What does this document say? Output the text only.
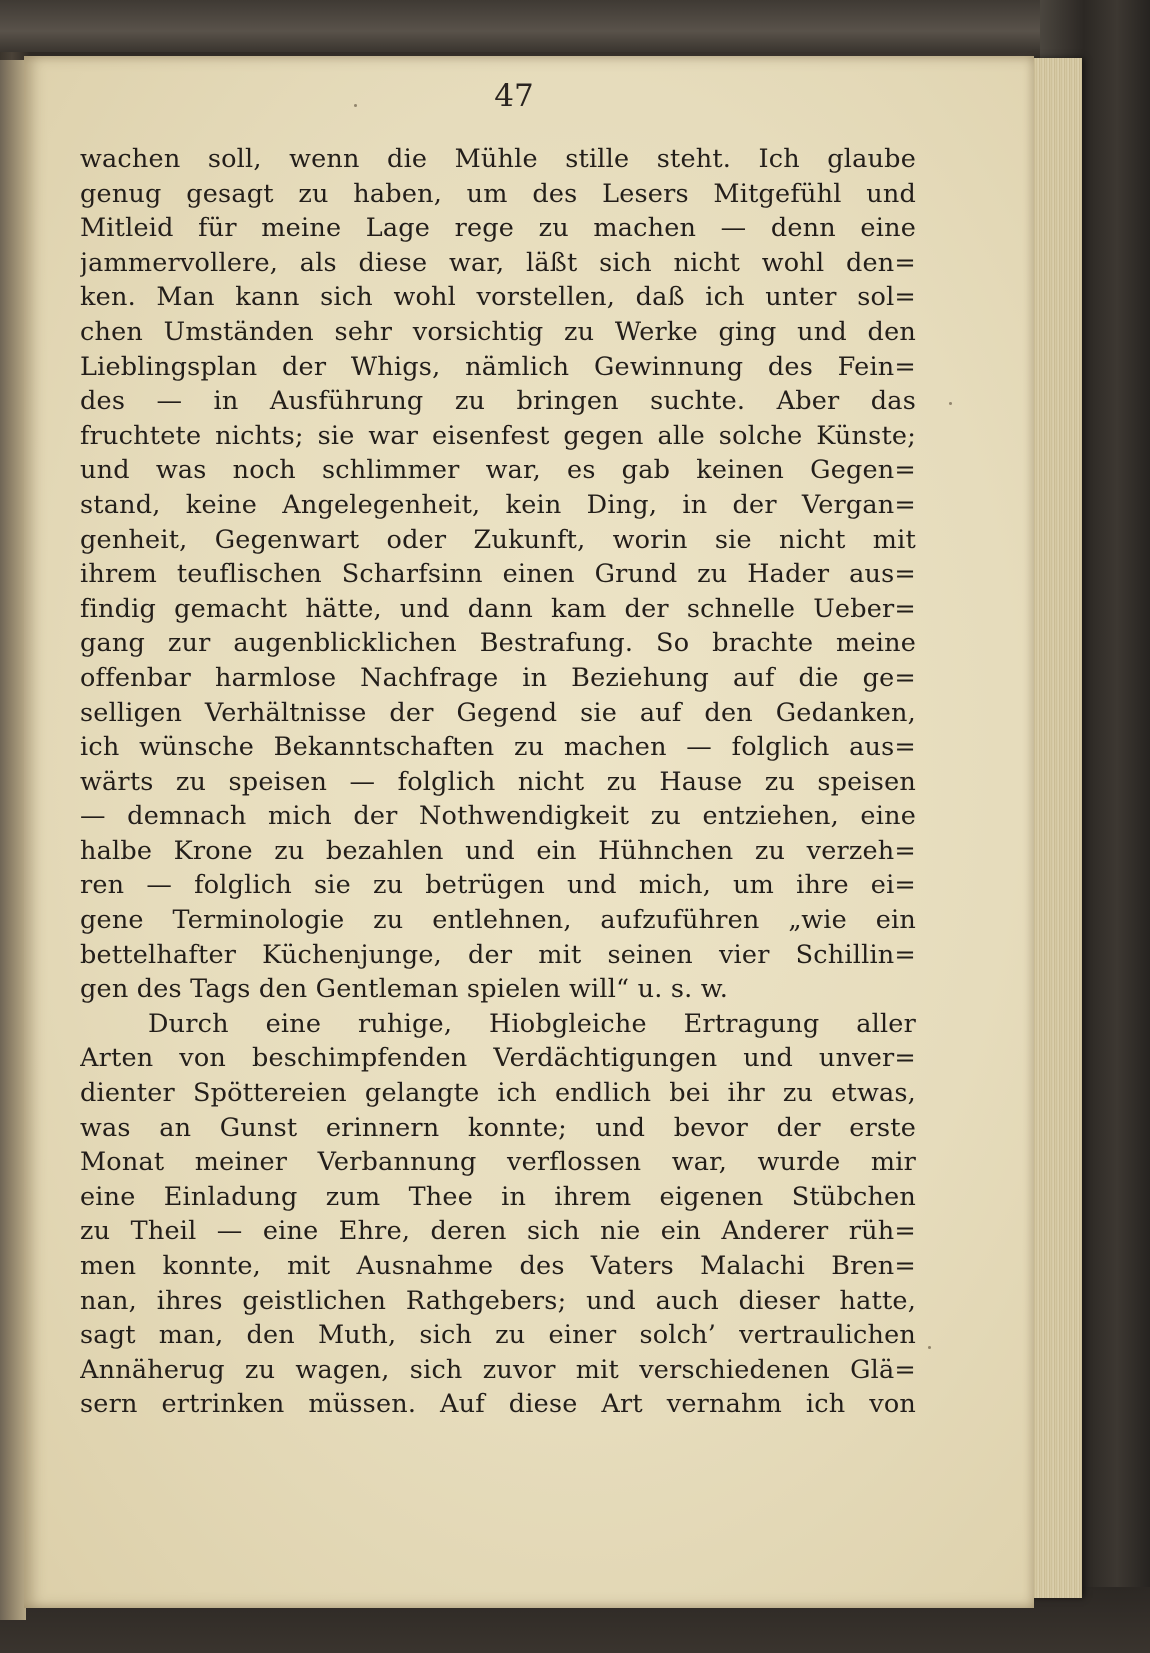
47
wachen soll, wenn die Mühle stille steht. Ich glaube
genug gesagt zu haben, um des Lesers Mitgefühl und
Mitleid für meine Lage rege zu machen — denn eine
jammervollere, als diese war, läßt sich nicht wohl den=
ken. Man kann sich wohl vorstellen, daß ich unter sol=
chen Umständen sehr vorsichtig zu Werke ging und den
Lieblingsplan der Whigs, nämlich Gewinnung des Fein=
des — in Ausführung zu bringen suchte. Aber das
fruchtete nichts; sie war eisenfest gegen alle solche Künste;
und was noch schlimmer war, es gab keinen Gegen=
stand, keine Angelegenheit, kein Ding, in der Vergan=
genheit, Gegenwart oder Zukunft, worin sie nicht mit
ihrem teuflischen Scharfsinn einen Grund zu Hader aus=
findig gemacht hätte, und dann kam der schnelle Ueber=
gang zur augenblicklichen Bestrafung. So brachte meine
offenbar harmlose Nachfrage in Beziehung auf die ge=
selligen Verhältnisse der Gegend sie auf den Gedanken,
ich wünsche Bekanntschaften zu machen — folglich aus=
wärts zu speisen — folglich nicht zu Hause zu speisen
— demnach mich der Nothwendigkeit zu entziehen, eine
halbe Krone zu bezahlen und ein Hühnchen zu verzeh=
ren — folglich sie zu betrügen und mich, um ihre ei=
gene Terminologie zu entlehnen, aufzuführen „wie ein
bettelhafter Küchenjunge, der mit seinen vier Schillin=
gen des Tags den Gentleman spielen will“ u. s. w.
Durch eine ruhige, Hiobgleiche Ertragung aller
Arten von beschimpfenden Verdächtigungen und unver=
dienter Spöttereien gelangte ich endlich bei ihr zu etwas,
was an Gunst erinnern konnte; und bevor der erste
Monat meiner Verbannung verflossen war, wurde mir
eine Einladung zum Thee in ihrem eigenen Stübchen
zu Theil — eine Ehre, deren sich nie ein Anderer rüh=
men konnte, mit Ausnahme des Vaters Malachi Bren=
nan, ihres geistlichen Rathgebers; und auch dieser hatte,
sagt man, den Muth, sich zu einer solch’ vertraulichen
Annäherug zu wagen, sich zuvor mit verschiedenen Glä=
sern ertrinken müssen. Auf diese Art vernahm ich von
